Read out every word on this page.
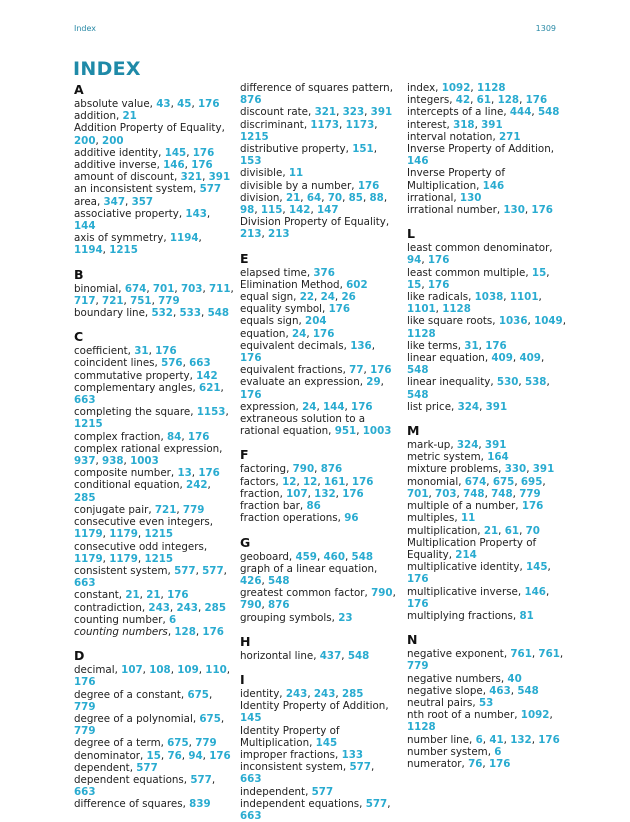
Index	1309
INDEX
A
absolute value, 43, 45, 176
addition, 21
Addition Property of Equality, 200, 200
additive identity, 145, 176
additive inverse, 146, 176
amount of discount, 321, 391
an inconsistent system, 577
area, 347, 357
associative property, 143, 144
axis of symmetry, 1194, 1194, 1215
B
binomial, 674, 701, 703, 711, 717, 721, 751, 779
boundary line, 532, 533, 548
C
coefficient, 31, 176
coincident lines, 576, 663
commutative property, 142
complementary angles, 621, 663
completing the square, 1153, 1215
complex fraction, 84, 176
complex rational expression, 937, 938, 1003
composite number, 13, 176
conditional equation, 242, 285
conjugate pair, 721, 779
consecutive even integers, 1179, 1179, 1215
consecutive odd integers, 1179, 1179, 1215
consistent system, 577, 577, 663
constant, 21, 21, 176
contradiction, 243, 243, 285
counting number, 6
counting numbers, 128, 176
D
decimal, 107, 108, 109, 110, 176
degree of a constant, 675, 779
degree of a polynomial, 675, 779
degree of a term, 675, 779
denominator, 15, 76, 94, 176
dependent, 577
dependent equations, 577, 663
difference of squares, 839
difference of squares pattern, 876
discount rate, 321, 323, 391
discriminant, 1173, 1173, 1215
distributive property, 151, 153
divisible, 11
divisible by a number, 176
division, 21, 64, 70, 85, 88, 98, 115, 142, 147
Division Property of Equality, 213, 213
E
elapsed time, 376
Elimination Method, 602
equal sign, 22, 24, 26
equality symbol, 176
equals sign, 204
equation, 24, 176
equivalent decimals, 136, 176
equivalent fractions, 77, 176
evaluate an expression, 29, 176
expression, 24, 144, 176
extraneous solution to a rational equation, 951, 1003
F
factoring, 790, 876
factors, 12, 12, 161, 176
fraction, 107, 132, 176
fraction bar, 86
fraction operations, 96
G
geoboard, 459, 460, 548
graph of a linear equation, 426, 548
greatest common factor, 790, 790, 876
grouping symbols, 23
H
horizontal line, 437, 548
I
identity, 243, 243, 285
Identity Property of Addition, 145
Identity Property of Multiplication, 145
improper fractions, 133
inconsistent system, 577, 663
independent, 577
independent equations, 577, 663
index, 1092, 1128
integers, 42, 61, 128, 176
intercepts of a line, 444, 548
interest, 318, 391
interval notation, 271
Inverse Property of Addition, 146
Inverse Property of Multiplication, 146
irrational, 130
irrational number, 130, 176
L
least common denominator, 94, 176
least common multiple, 15, 15, 176
like radicals, 1038, 1101, 1101, 1128
like square roots, 1036, 1049, 1128
like terms, 31, 176
linear equation, 409, 409, 548
linear inequality, 530, 538, 548
list price, 324, 391
M
mark-up, 324, 391
metric system, 164
mixture problems, 330, 391
monomial, 674, 675, 695, 701, 703, 748, 748, 779
multiple of a number, 176
multiples, 11
multiplication, 21, 61, 70
Multiplication Property of Equality, 214
multiplicative identity, 145, 176
multiplicative inverse, 146, 176
multiplying fractions, 81
N
negative exponent, 761, 761, 779
negative numbers, 40
negative slope, 463, 548
neutral pairs, 53
nth root of a number, 1092, 1128
number line, 6, 41, 132, 176
number system, 6
numerator, 76, 176
